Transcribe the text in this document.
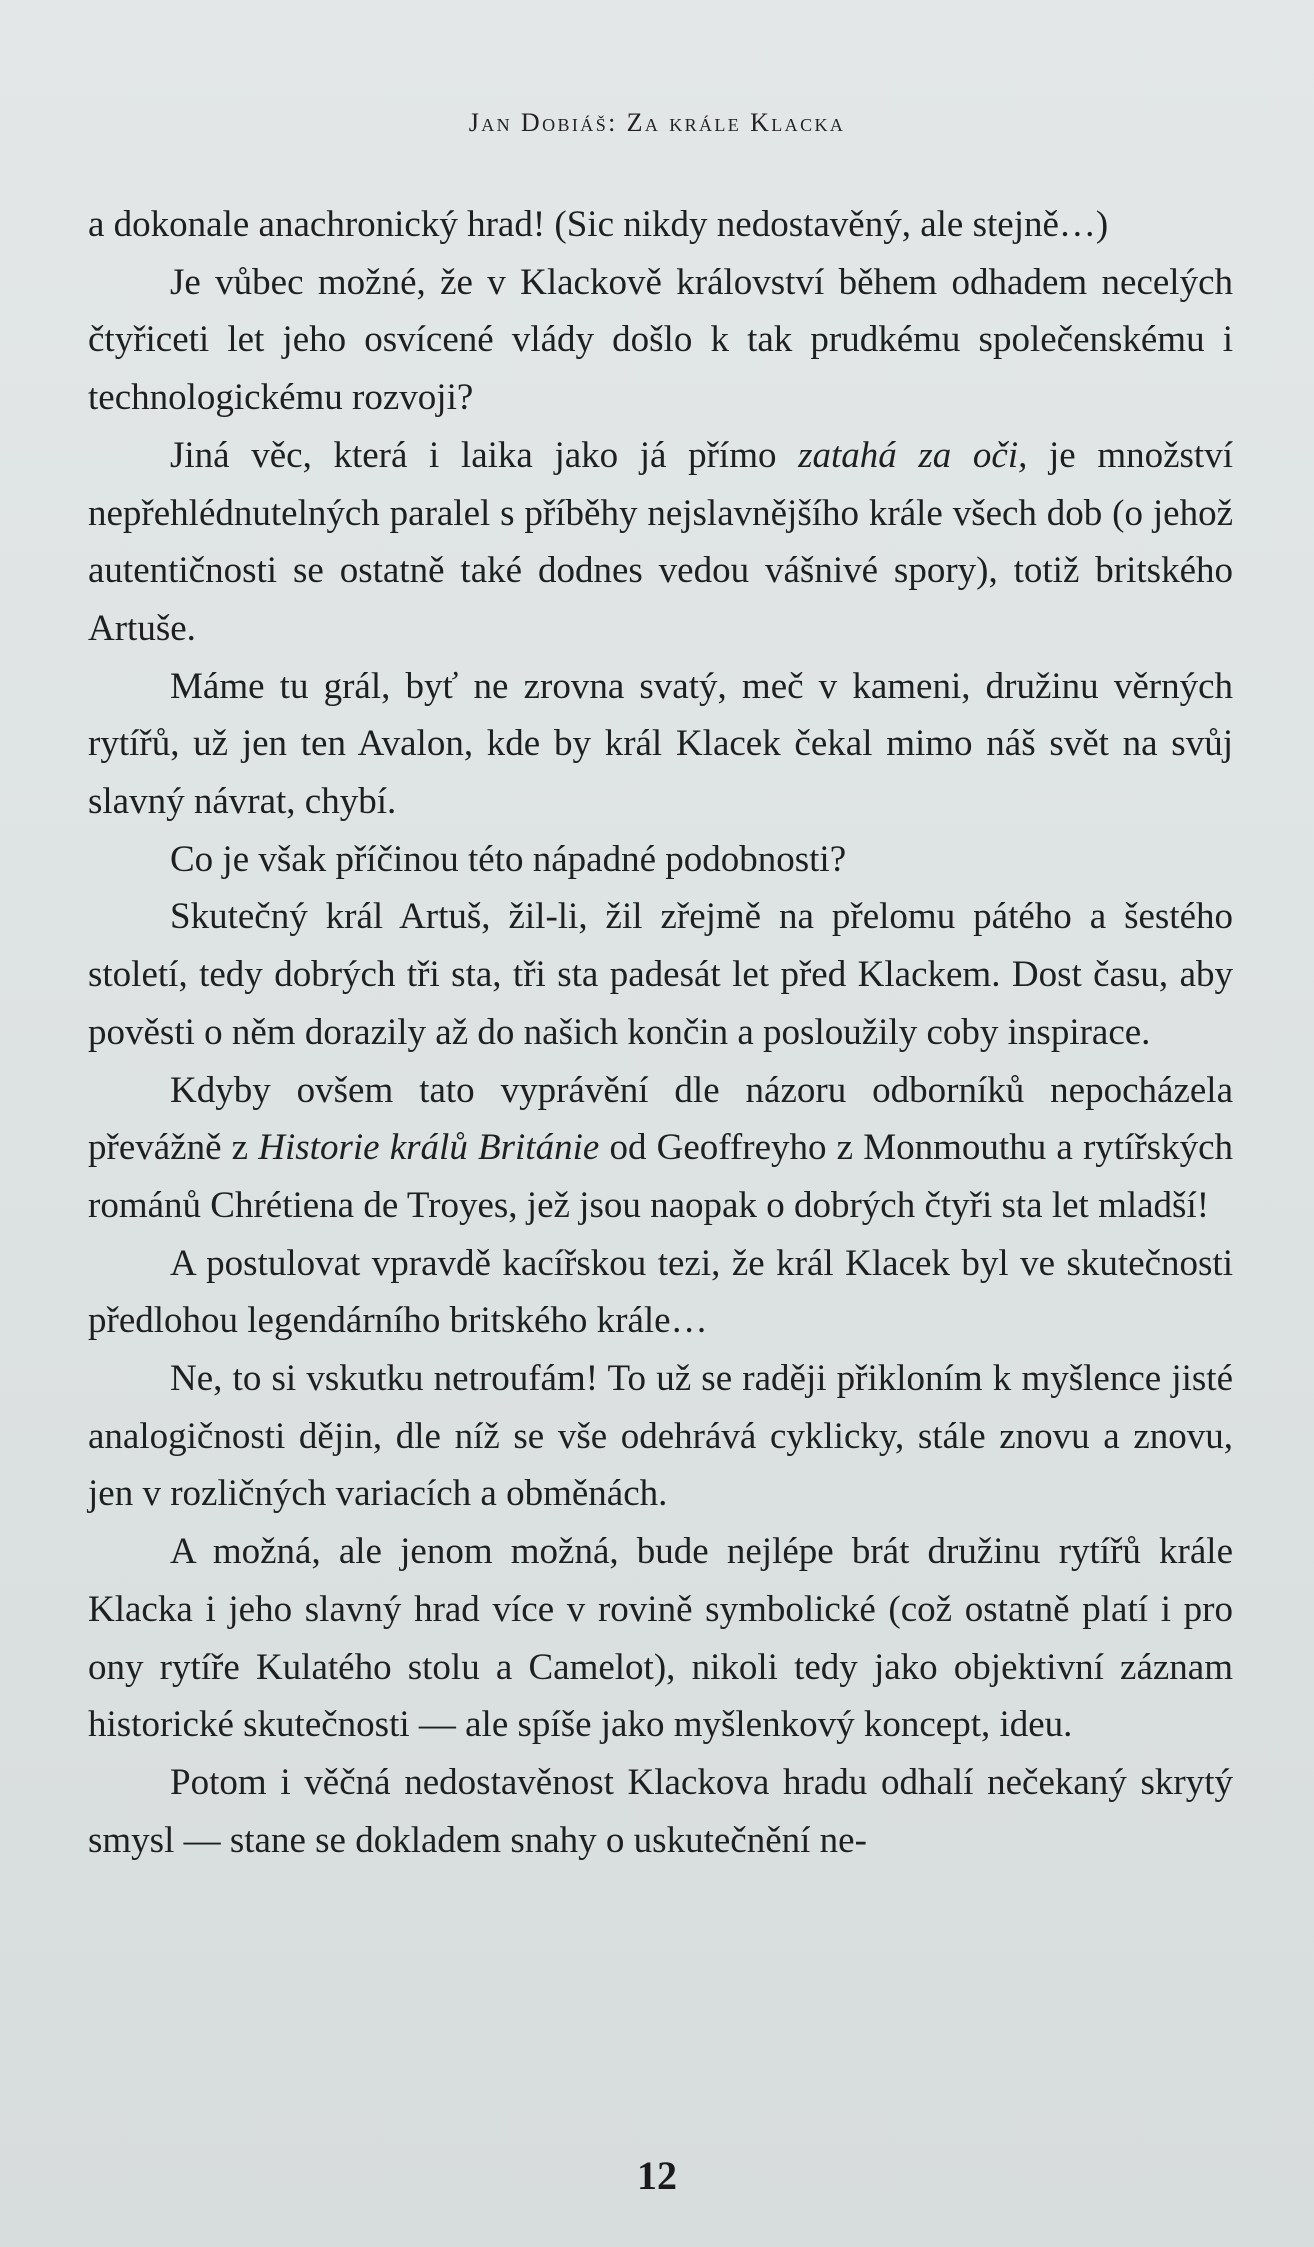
Jan Dobiáš: Za krále Klacka

a dokonale anachronický hrad! (Sic nikdy nedostavěný, ale stejně…)

Je vůbec možné, že v Klackově království během odhadem necelých čtyřiceti let jeho osvícené vlády došlo k tak prudkému společenskému i technologickému rozvoji?

Jiná věc, která i laika jako já přímo zatahá za oči, je množství nepřehlédnutelných paralel s příběhy nejslavnějšího krále všech dob (o jehož autentičnosti se ostatně také dodnes vedou vášnivé spory), totiž britského Artuše.

Máme tu grál, byť ne zrovna svatý, meč v kameni, družinu věrných rytířů, už jen ten Avalon, kde by král Klacek čekal mimo náš svět na svůj slavný návrat, chybí.

Co je však příčinou této nápadné podobnosti?

Skutečný král Artuš, žil-li, žil zřejmě na přelomu pátého a šestého století, tedy dobrých tři sta, tři sta padesát let před Klackem. Dost času, aby pověsti o něm dorazily až do našich končin a posloužily coby inspirace.

Kdyby ovšem tato vyprávění dle názoru odborníků nepocházela převážně z Historie králů Británie od Geoffreyho z Monmouthu a rytířských románů Chrétiena de Troyes, jež jsou naopak o dobrých čtyři sta let mladší!

A postulovat vpravdě kacířskou tezi, že král Klacek byl ve skutečnosti předlohou legendárního britského krále…

Ne, to si vskutku netroufám! To už se raději přikloním k myšlence jisté analogičnosti dějin, dle níž se vše odehrává cyklicky, stále znovu a znovu, jen v rozličných variacích a obměnách.

A možná, ale jenom možná, bude nejlépe brát družinu rytířů krále Klacka i jeho slavný hrad více v rovině symbolické (což ostatně platí i pro ony rytíře Kulatého stolu a Camelot), nikoli tedy jako objektivní záznam historické skutečnosti — ale spíše jako myšlenkový koncept, ideu.

Potom i věčná nedostavěnost Klackova hradu odhalí nečekaný skrytý smysl — stane se dokladem snahy o uskutečnění ne-

12
